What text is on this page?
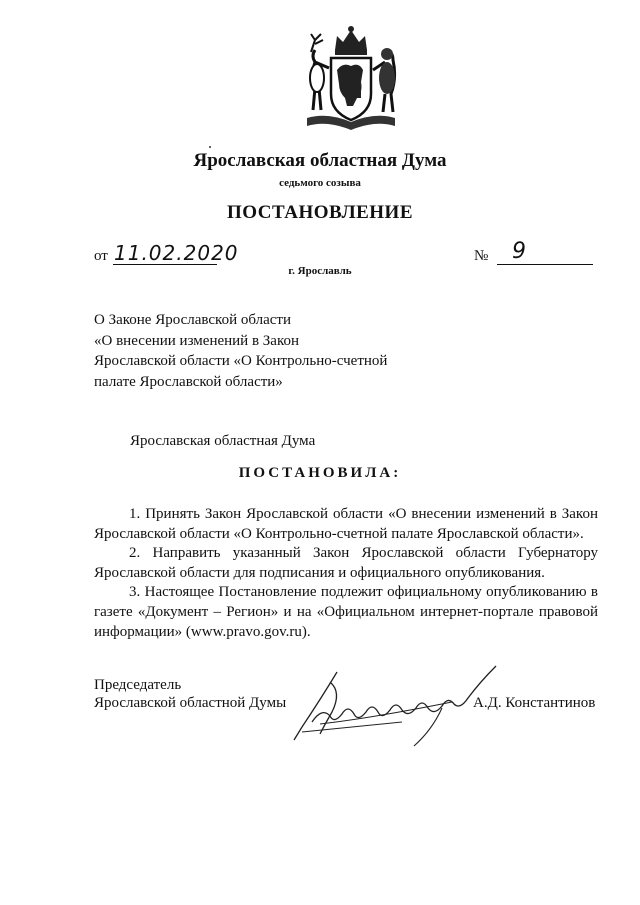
Ярославская областная Дума
седьмого созыва
ПОСТАНОВЛЕНИЕ
от 11.02.2020	№ 9
г. Ярославль
О Законе Ярославской области
«О внесении изменений в Закон
Ярославской области «О Контрольно-счетной
палате Ярославской области»
Ярославская областная Дума
ПОСТАНОВИЛА:

1. Принять Закон Ярославской области «О внесении изменений в Закон Ярославской области «О Контрольно-счетной палате Ярославской области».

2. Направить указанный Закон Ярославской области Губернатору Ярославской области для подписания и официального опубликования.

3. Настоящее Постановление подлежит официальному опубликованию в газете «Документ – Регион» и на «Официальном интернет-портале правовой информации» (www.pravo.gov.ru).

Председатель
Ярославской областной Думы	А.Д. Константинов
